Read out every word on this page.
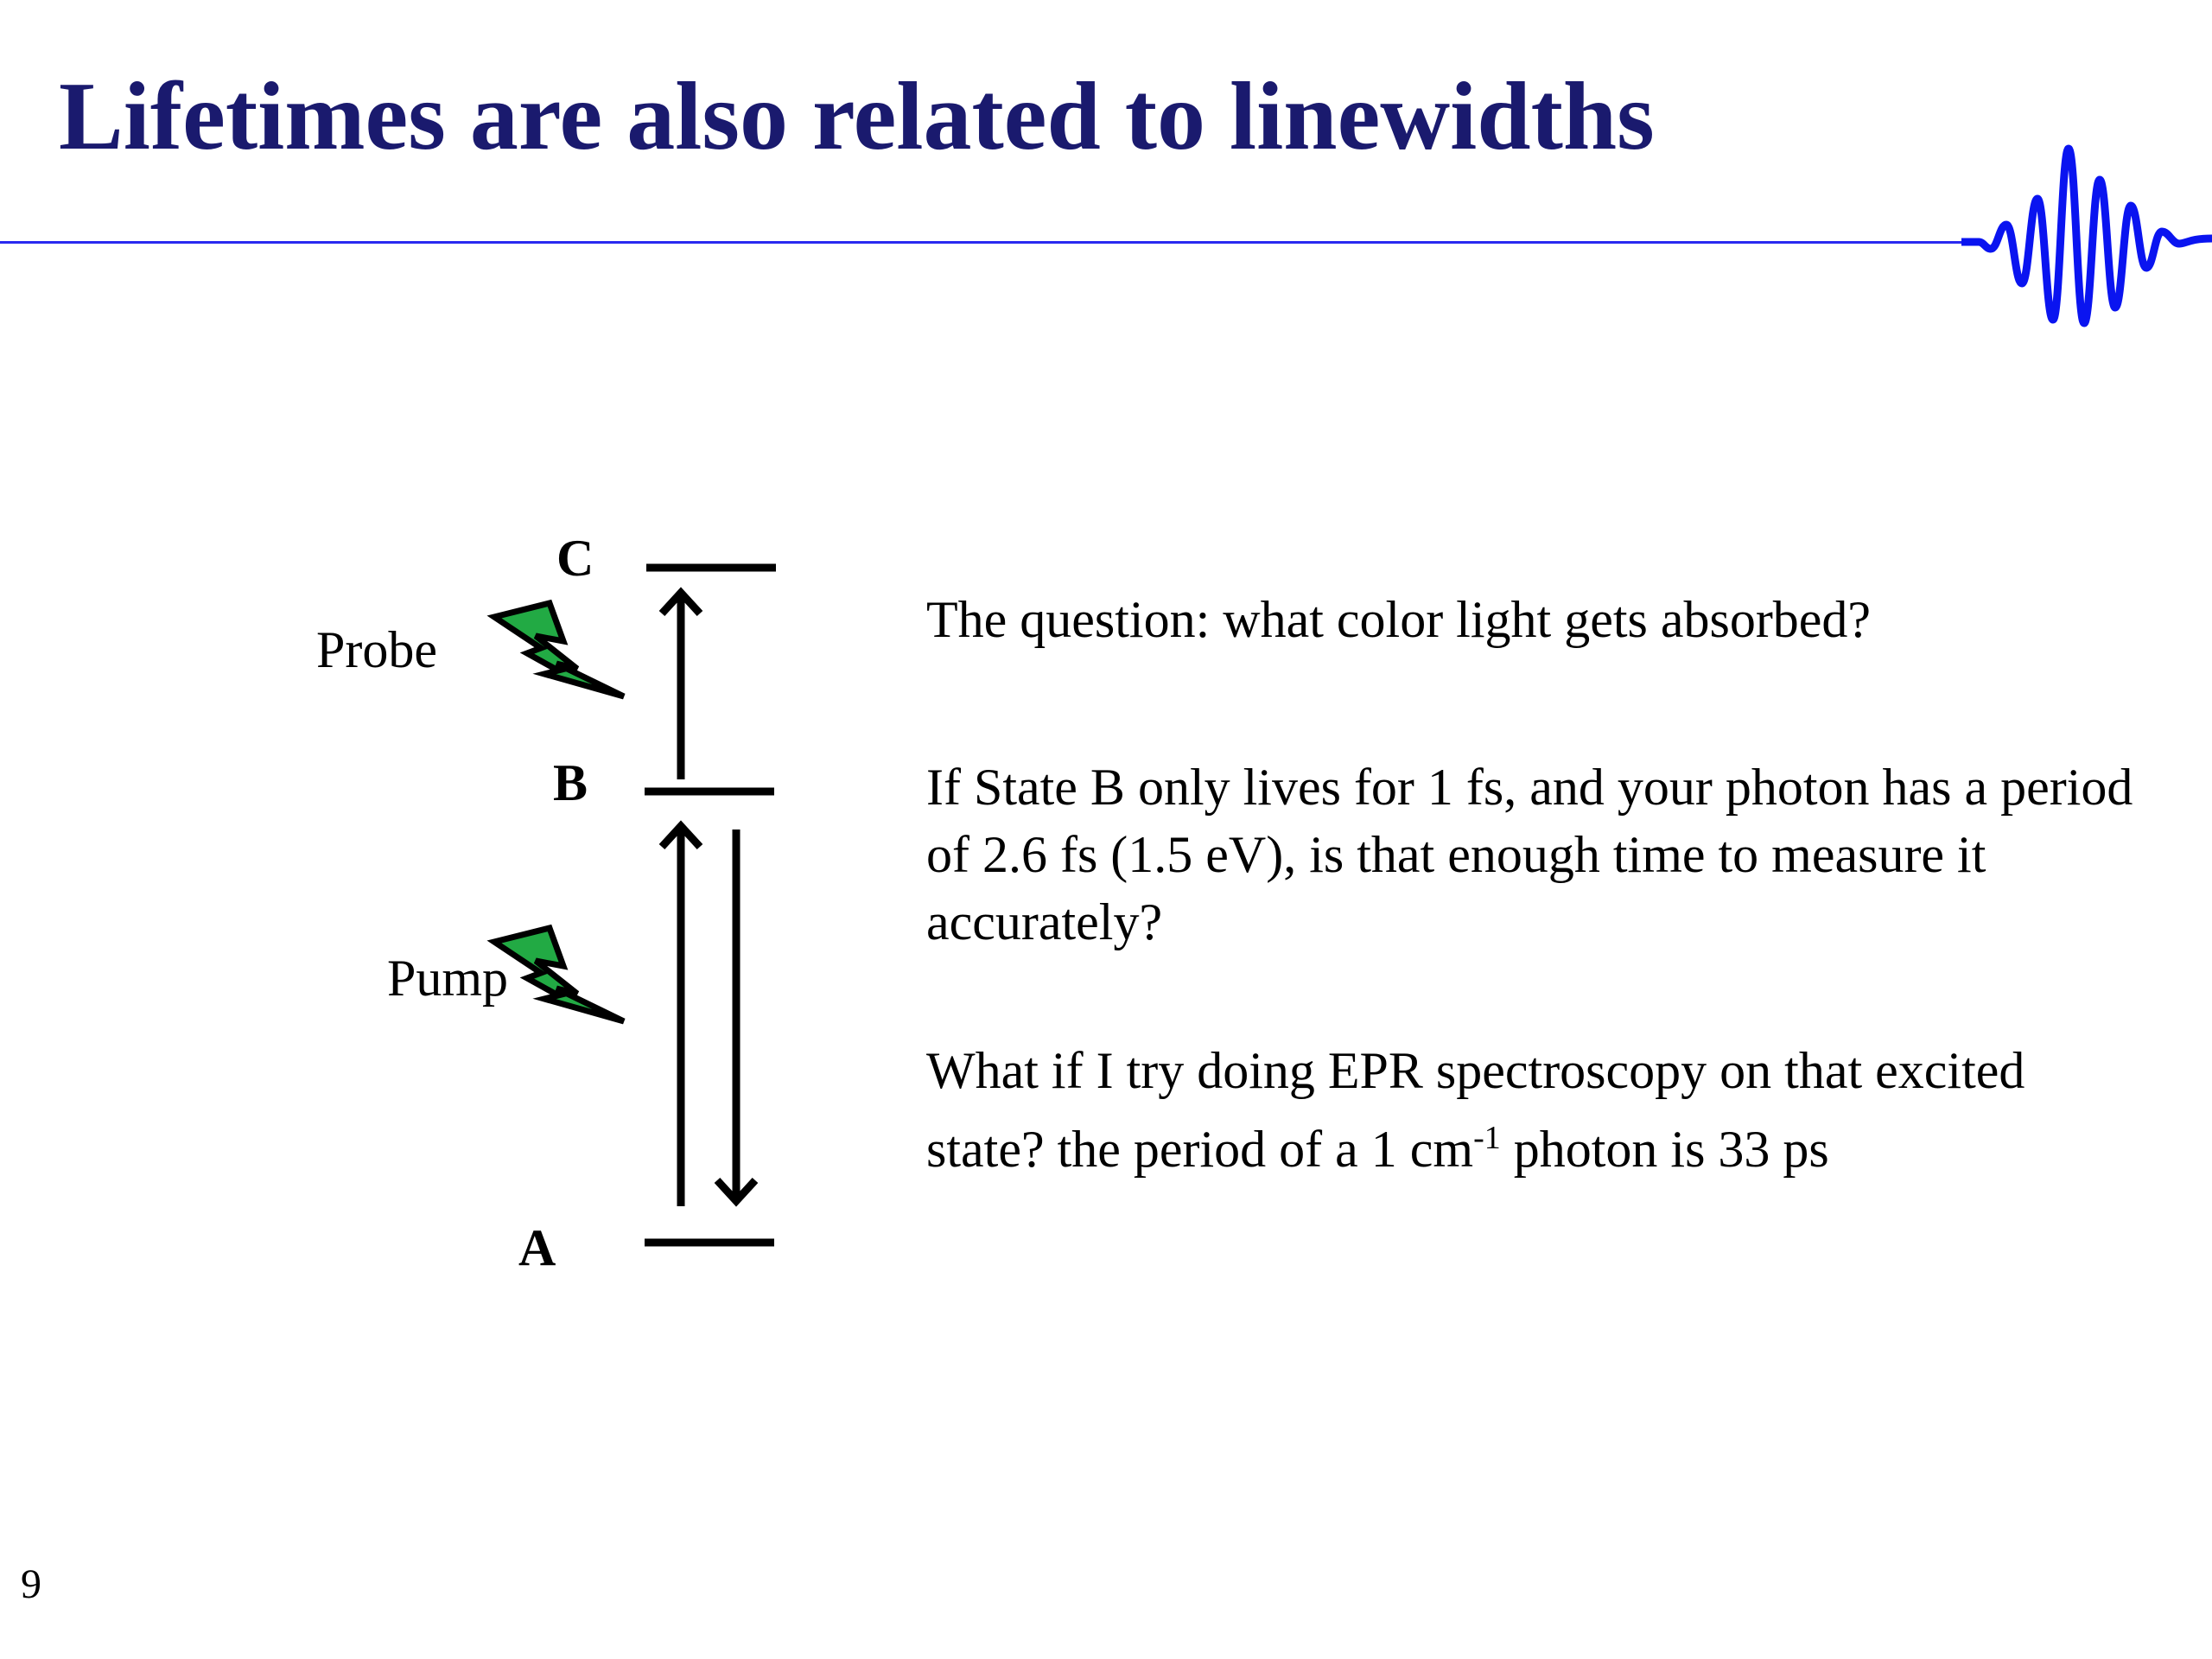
Lifetimes are also related to linewidths
C
B
A
Probe
Pump

The question: what color light gets absorbed?

If State B only lives for 1 fs, and your photon has a period of 2.6 fs (1.5 eV), is that enough time to measure it accurately?

What if I try doing EPR spectroscopy on that excited state? the period of a 1 $cm^{-1}$ photon is 33 ps

9
